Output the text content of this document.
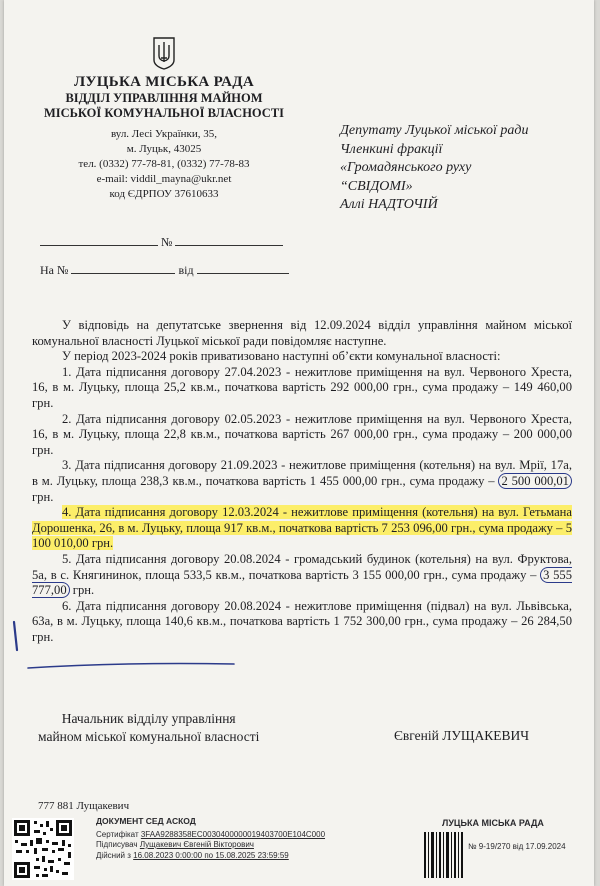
ЛУЦЬКА МІСЬКА РАДА
ВІДДІЛ УПРАВЛІННЯ МАЙНОМ
МІСЬКОЇ КОМУНАЛЬНОЇ ВЛАСНОСТІ
вул. Лесі Українки, 35,
м. Луцьк, 43025
тел. (0332) 77-78-81, (0332) 77-78-83
e-mail: viddil_mayna@ukr.net
код ЄДРПОУ 37610633
№
На №	від
Депутату Луцької міської ради
Членкині фракції
«Громадянського руху
“СВІДОМІ»
Аллі НАДТОЧІЙ

У відповідь на депутатське звернення від 12.09.2024 відділ управління майном міської комунальної власності Луцької міської ради повідомляє наступне.

У період 2023-2024 років приватизовано наступні об’єкти комунальної власності:

1. Дата підписання договору 27.04.2023 - нежитлове приміщення на вул. Червоного Хреста, 16, в м. Луцьку, площа 25,2 кв.м., початкова вартість 292 000,00 грн., сума продажу – 149 460,00 грн.

2. Дата підписання договору 02.05.2023 - нежитлове приміщення на вул. Червоного Хреста, 16, в м. Луцьку, площа 22,8 кв.м., початкова вартість 267 000,00 грн., сума продажу – 200 000,00 грн.

3. Дата підписання договору 21.09.2023 - нежитлове приміщення (котельня) на вул. Мрії, 17а, в м. Луцьку, площа 238,3 кв.м., початкова вартість 1 455 000,00 грн., сума продажу – 2 500 000,01 грн.

4. Дата підписання договору 12.03.2024 - нежитлове приміщення (котельня) на вул. Гетьмана Дорошенка, 26, в м. Луцьку, площа 917 кв.м., початкова вартість 7 253 096,00 грн., сума продажу – 5 100 010,00 грн.

5. Дата підписання договору 20.08.2024 - громадський будинок (котельня) на вул. Фруктова, 5а, в с. Княгининок, площа 533,5 кв.м., початкова вартість 3 155 000,00 грн., сума продажу – 3 555 777,00 грн.

6. Дата підписання договору 20.08.2024 - нежитлове приміщення (підвал) на вул. Львівська, 63а, в м. Луцьку, площа 140,6 кв.м., початкова вартість 1 752 300,00 грн., сума продажу – 26 284,50 грн.

Начальник відділу управління
майном міської комунальної власності	Євгеній ЛУЩАКЕВИЧ
777 881 Лущакевич
ДОКУМЕНТ СЕД АСКОД
Сертифікат 3FAA9288358EC0030400000019403700E104C000
Підписувач Лущакевич Євгеній Вікторович
Дійсний з 16.08.2023 0:00:00 по 15.08.2025 23:59:59
ЛУЦЬКА МІСЬКА РАДА
№ 9-19/270 від 17.09.2024
